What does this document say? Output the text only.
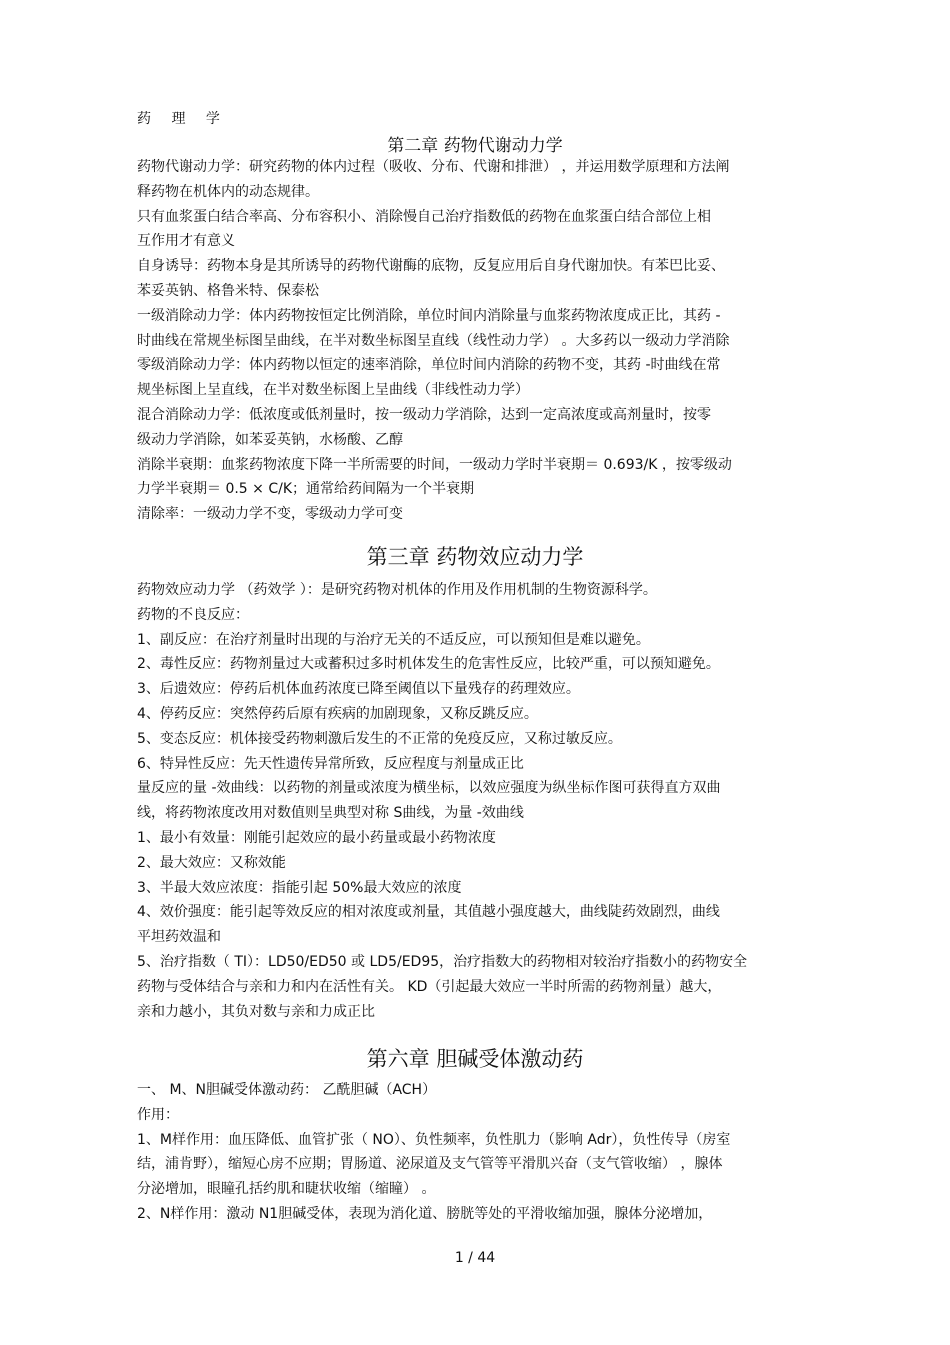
药 理 学
第二章 药物代谢动力学
药物代谢动力学：研究药物的体内过程（吸收、分布、代谢和排泄） ，并运用数学原理和方法阐
释药物在机体内的动态规律。
只有血浆蛋白结合率高、分布容积小、消除慢自己治疗指数低的药物在血浆蛋白结合部位上相
互作用才有意义
自身诱导：药物本身是其所诱导的药物代谢酶的底物，反复应用后自身代谢加快。有苯巴比妥、
苯妥英钠、格鲁米特、保泰松
一级消除动力学：体内药物按恒定比例消除，单位时间内消除量与血浆药物浓度成正比，其药 -
时曲线在常规坐标图呈曲线，在半对数坐标图呈直线（线性动力学） 。大多药以一级动力学消除
零级消除动力学：体内药物以恒定的速率消除，单位时间内消除的药物不变，其药 -时曲线在常
规坐标图上呈直线，在半对数坐标图上呈曲线（非线性动力学）
混合消除动力学：低浓度或低剂量时，按一级动力学消除，达到一定高浓度或高剂量时，按零
级动力学消除，如苯妥英钠，水杨酸、乙醇
消除半衰期：血浆药物浓度下降一半所需要的时间，一级动力学时半衰期＝ 0.693/K ，按零级动
力学半衰期＝ 0.5 × C/K；通常给药间隔为一个半衰期
清除率：一级动力学不变，零级动力学可变
第三章 药物效应动力学
药物效应动力学 （药效学 ）：是研究药物对机体的作用及作用机制的生物资源科学。
药物的不良反应：
1、副反应：在治疗剂量时出现的与治疗无关的不适反应，可以预知但是难以避免。
2、毒性反应：药物剂量过大或蓄积过多时机体发生的危害性反应，比较严重，可以预知避免。
3、后遗效应：停药后机体血药浓度已降至阈值以下量残存的药理效应。
4、停药反应：突然停药后原有疾病的加剧现象，又称反跳反应。
5、变态反应：机体接受药物刺激后发生的不正常的免疫反应，又称过敏反应。
6、特异性反应：先天性遗传异常所致，反应程度与剂量成正比
量反应的量 -效曲线：以药物的剂量或浓度为横坐标，以效应强度为纵坐标作图可获得直方双曲
线，将药物浓度改用对数值则呈典型对称 S曲线，为量 -效曲线
1、最小有效量：刚能引起效应的最小药量或最小药物浓度
2、最大效应：又称效能
3、半最大效应浓度：指能引起 50%最大效应的浓度
4、效价强度：能引起等效反应的相对浓度或剂量，其值越小强度越大，曲线陡药效剧烈，曲线
平坦药效温和
5、治疗指数（ TI）：LD50/ED50 或 LD5/ED95，治疗指数大的药物相对较治疗指数小的药物安全
药物与受体结合与亲和力和内在活性有关。 KD（引起最大效应一半时所需的药物剂量）越大，
亲和力越小，其负对数与亲和力成正比
第六章 胆碱受体激动药
一、 M、N胆碱受体激动药： 乙酰胆碱（ACH）
作用：
1、M样作用：血压降低、血管扩张（ NO）、负性频率，负性肌力（影响 Adr），负性传导（房室
结，浦肯野），缩短心房不应期；胃肠道、泌尿道及支气管等平滑肌兴奋（支气管收缩） ，腺体
分泌增加，眼瞳孔括约肌和睫状收缩（缩瞳） 。
2、N样作用：激动 N1胆碱受体，表现为消化道、膀胱等处的平滑收缩加强，腺体分泌增加，
1 / 44
